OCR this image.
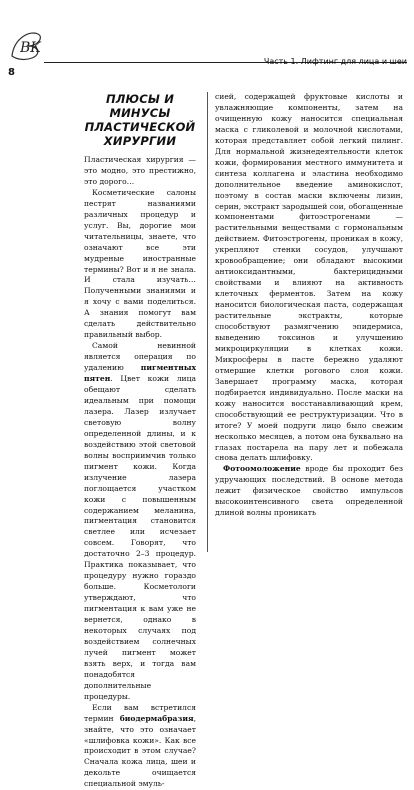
ВК
8
Часть 1. Лифтинг для лица и шеи
ПЛЮСЫ И МИНУСЫ
ПЛАСТИЧЕСКОЙ
ХИРУРГИИ

Пластическая хирургия — это модно, это престижно, это дорого…

Косметические салоны пестрят названиями различных процедур и услуг. Вы, дорогие мои читательницы, знаете, что означают все эти мудреные иностранные термины? Вот и я не знала. И стала изучать… Полученными знаниями и я хочу с вами поделиться. А знания помогут вам сделать действительно правильный выбор.

Самой невинной является операция по удалению пигментных пятен. Цвет кожи лица обещают сделать идеальным при помощи лазера. Лазер излучает световую волну определенной длины, и к воздействию этой световой волны восприимчив только пигмент кожи. Когда излучение лазера поглощается участком кожи с повышенным содержанием меланина, пигментация становится светлее или исчезает совсем. Говорят, что достаточно 2–3 процедур. Практика показывает, что процедуру нужно гораздо больше. Косметологи утверждают, что пигментация к вам уже не вернется, однако в некоторых случаях под воздействием солнечных лучей пигмент может взять верх, и тогда вам понадобятся дополнительные процедуры.

Если вам встретился термин биодермабразия, знайте, что это означает «шлифовка кожи». Как все происходит в этом случае? Сначала кожа лица, шеи и декольте очищается специальной эмуль-

сией, содержащей фруктовые кислоты и увлажняющие компоненты, затем на очищенную кожу наносится специальная маска с гликолевой и молочной кислотами, которая представляет собой легкий пилинг. Для нормальной жизнедеятельности клеток кожи, формирования местного иммунитета и синтеза коллагена и эластина необходимо дополнительное введение аминокислот, поэтому в состав маски включены лизин, серин, экстракт зародышей сои, обогащенные компонентами фитоэстрогенами — растительными веществами с гормональным действием. Фитоэстрогены, проникая в кожу, укрепляют стенки сосудов, улучшают кровообращение; они обладают высокими антиоксидантными, бактерицидными свойствами и влияют на активность клеточных ферментов. Затем на кожу наносится биологическая паста, содержащая растительные экстракты, которые способствуют размягчению эпидермиса, выведению токсинов и улучшению микроциркуляции в клетках кожи. Микросферы в пасте бережно удаляют отмершие клетки рогового слоя кожи. Завершает программу маска, которая подбирается индивидуально. После маски на кожу наносится восстанавливающий крем, способствующий ее реструктуризации. Что в итоге? У моей подруги лицо было свежим несколько месяцев, а потом она буквально на глазах постарела на пару лет и побежала снова делать шлифовку.

Фотоомоложение вроде бы проходит без удручающих последствий. В основе метода лежит физическое свойство импульсов высокоинтенсивного света определенной длиной волны проникать
